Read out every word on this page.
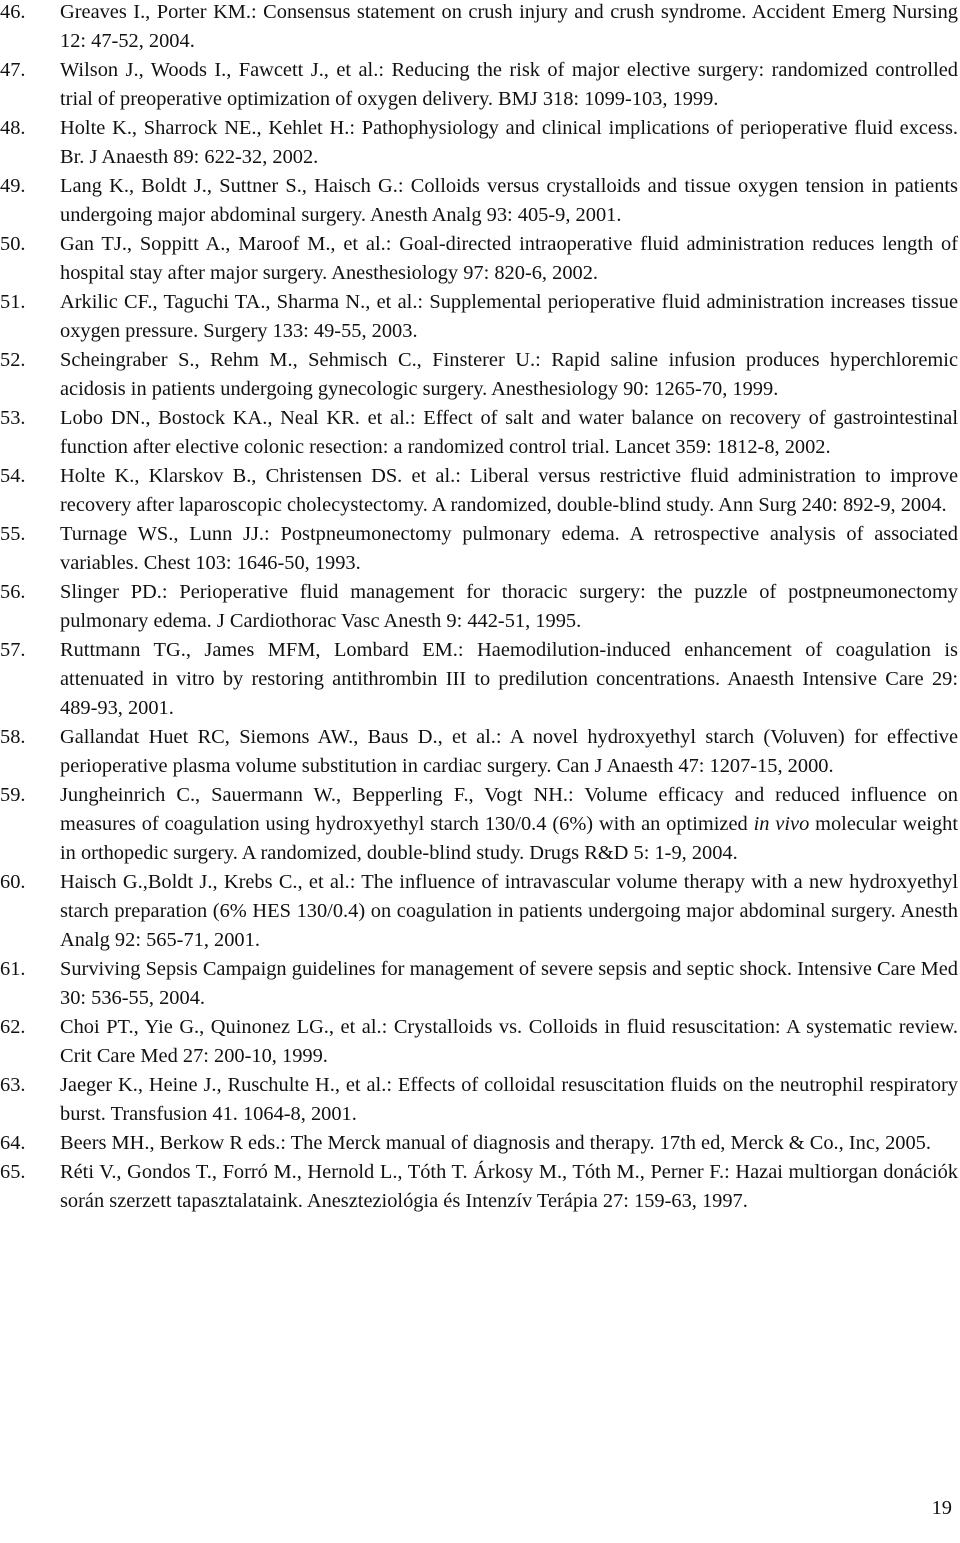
46.	Greaves I., Porter KM.: Consensus statement on crush injury and crush syndrome. Accident Emerg Nursing 12: 47-52, 2004.
47.	Wilson J., Woods I., Fawcett J., et al.: Reducing the risk of major elective surgery: randomized controlled trial of preoperative optimization of oxygen delivery. BMJ 318: 1099-103, 1999.
48.	Holte K., Sharrock NE., Kehlet H.: Pathophysiology and clinical implications of perioperative fluid excess. Br. J Anaesth 89: 622-32, 2002.
49.	Lang K., Boldt J., Suttner S., Haisch G.: Colloids versus crystalloids and tissue oxygen tension in patients undergoing major abdominal surgery. Anesth Analg 93: 405-9, 2001.
50.	Gan TJ., Soppitt A., Maroof M., et al.: Goal-directed intraoperative fluid administration reduces length of hospital stay after major surgery. Anesthesiology 97: 820-6, 2002.
51.	Arkilic CF., Taguchi TA., Sharma N., et al.: Supplemental perioperative fluid administration increases tissue oxygen pressure. Surgery 133: 49-55, 2003.
52.	Scheingraber S., Rehm M., Sehmisch C., Finsterer U.: Rapid saline infusion produces hyperchloremic acidosis in patients undergoing gynecologic surgery. Anesthesiology 90: 1265-70, 1999.
53.	Lobo DN., Bostock KA., Neal KR. et al.: Effect of salt and water balance on recovery of gastrointestinal function after elective colonic resection: a randomized control trial. Lancet 359: 1812-8, 2002.
54.	Holte K., Klarskov B., Christensen DS. et al.: Liberal versus restrictive fluid administration to improve recovery after laparoscopic cholecystectomy. A randomized, double-blind study. Ann Surg 240: 892-9, 2004.
55.	Turnage WS., Lunn JJ.: Postpneumonectomy pulmonary edema. A retrospective analysis of associated variables. Chest 103: 1646-50, 1993.
56.	Slinger PD.: Perioperative fluid management for thoracic surgery: the puzzle of postpneumonectomy pulmonary edema. J Cardiothorac Vasc Anesth 9: 442-51, 1995.
57.	Ruttmann TG., James MFM, Lombard EM.: Haemodilution-induced enhancement of coagulation is attenuated in vitro by restoring antithrombin III to predilution concentrations. Anaesth Intensive Care 29: 489-93, 2001.
58.	Gallandat Huet RC, Siemons AW., Baus D., et al.: A novel hydroxyethyl starch (Voluven) for effective perioperative plasma volume substitution in cardiac surgery. Can J Anaesth 47: 1207-15, 2000.
59.	Jungheinrich C., Sauermann W., Bepperling F., Vogt NH.: Volume efficacy and reduced influence on measures of coagulation using hydroxyethyl starch 130/0.4 (6%) with an optimized in vivo molecular weight in orthopedic surgery. A randomized, double-blind study. Drugs R&D 5: 1-9, 2004.
60.	Haisch G.,Boldt J., Krebs C., et al.: The influence of intravascular volume therapy with a new hydroxyethyl starch preparation (6% HES 130/0.4) on coagulation in patients undergoing major abdominal surgery. Anesth Analg 92: 565-71, 2001.
61.	Surviving Sepsis Campaign guidelines for management of severe sepsis and septic shock. Intensive Care Med 30: 536-55, 2004.
62.	Choi PT., Yie G., Quinonez LG., et al.: Crystalloids vs. Colloids in fluid resuscitation: A systematic review. Crit Care Med 27: 200-10, 1999.
63.	Jaeger K., Heine J., Ruschulte H., et al.: Effects of colloidal resuscitation fluids on the neutrophil respiratory burst. Transfusion 41. 1064-8, 2001.
64.	Beers MH., Berkow R eds.: The Merck manual of diagnosis and therapy. 17th ed, Merck & Co., Inc, 2005.
65.	Réti V., Gondos T., Forró M., Hernold L., Tóth T. Árkosy M., Tóth M., Perner F.: Hazai multiorgan donációk során szerzett tapasztalataink. Aneszteziológia és Intenzív Terápia 27: 159-63, 1997.
19
